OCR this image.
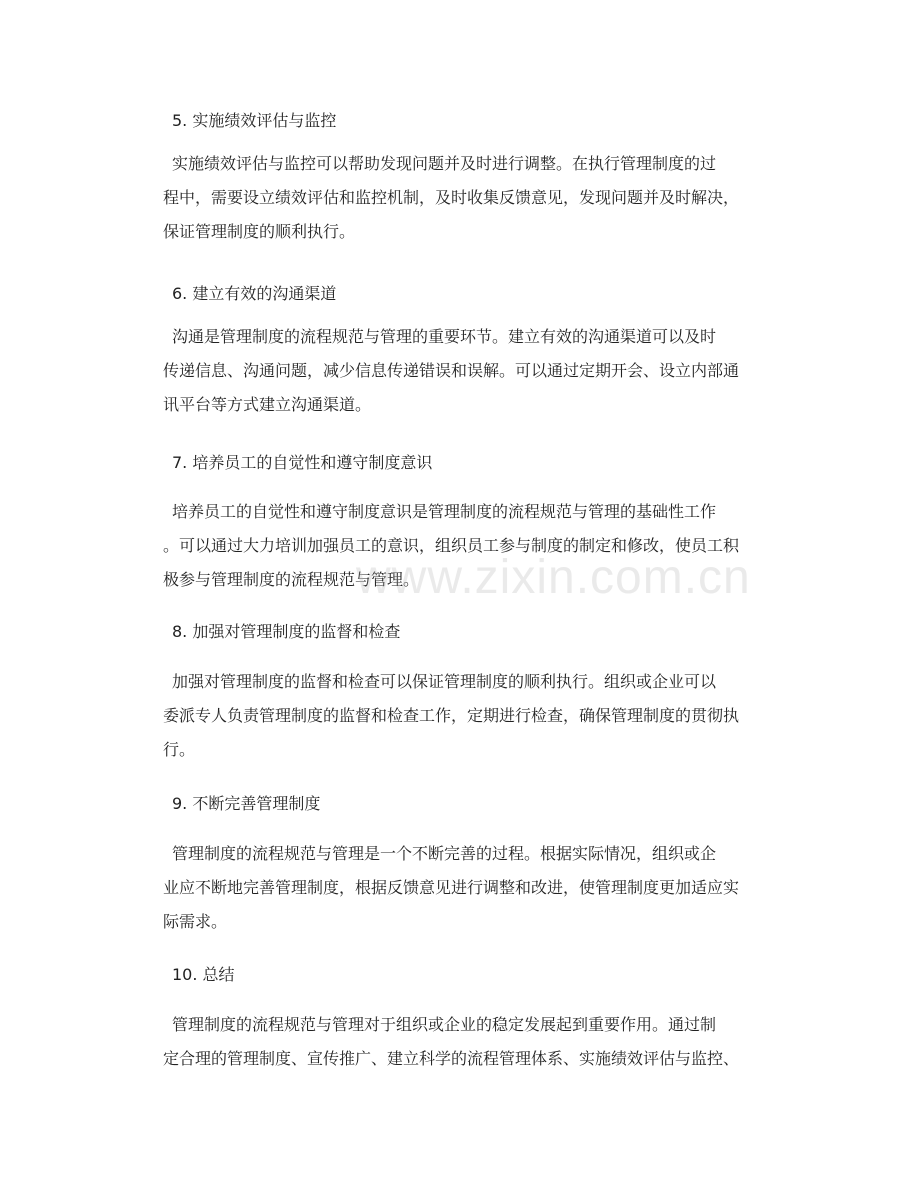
5. 实施绩效评估与监控
实施绩效评估与监控可以帮助发现问题并及时进行调整。在执行管理制度的过
程中，需要设立绩效评估和监控机制，及时收集反馈意见，发现问题并及时解决，
保证管理制度的顺利执行。
6. 建立有效的沟通渠道
沟通是管理制度的流程规范与管理的重要环节。建立有效的沟通渠道可以及时
传递信息、沟通问题，减少信息传递错误和误解。可以通过定期开会、设立内部通
讯平台等方式建立沟通渠道。
7. 培养员工的自觉性和遵守制度意识
培养员工的自觉性和遵守制度意识是管理制度的流程规范与管理的基础性工作
。可以通过大力培训加强员工的意识，组织员工参与制度的制定和修改，使员工积
极参与管理制度的流程规范与管理。
8. 加强对管理制度的监督和检查
加强对管理制度的监督和检查可以保证管理制度的顺利执行。组织或企业可以
委派专人负责管理制度的监督和检查工作，定期进行检查，确保管理制度的贯彻执
行。
9. 不断完善管理制度
管理制度的流程规范与管理是一个不断完善的过程。根据实际情况，组织或企
业应不断地完善管理制度，根据反馈意见进行调整和改进，使管理制度更加适应实
际需求。
10. 总结
管理制度的流程规范与管理对于组织或企业的稳定发展起到重要作用。通过制
定合理的管理制度、宣传推广、建立科学的流程管理体系、实施绩效评估与监控、
www.zixin.com.cn
